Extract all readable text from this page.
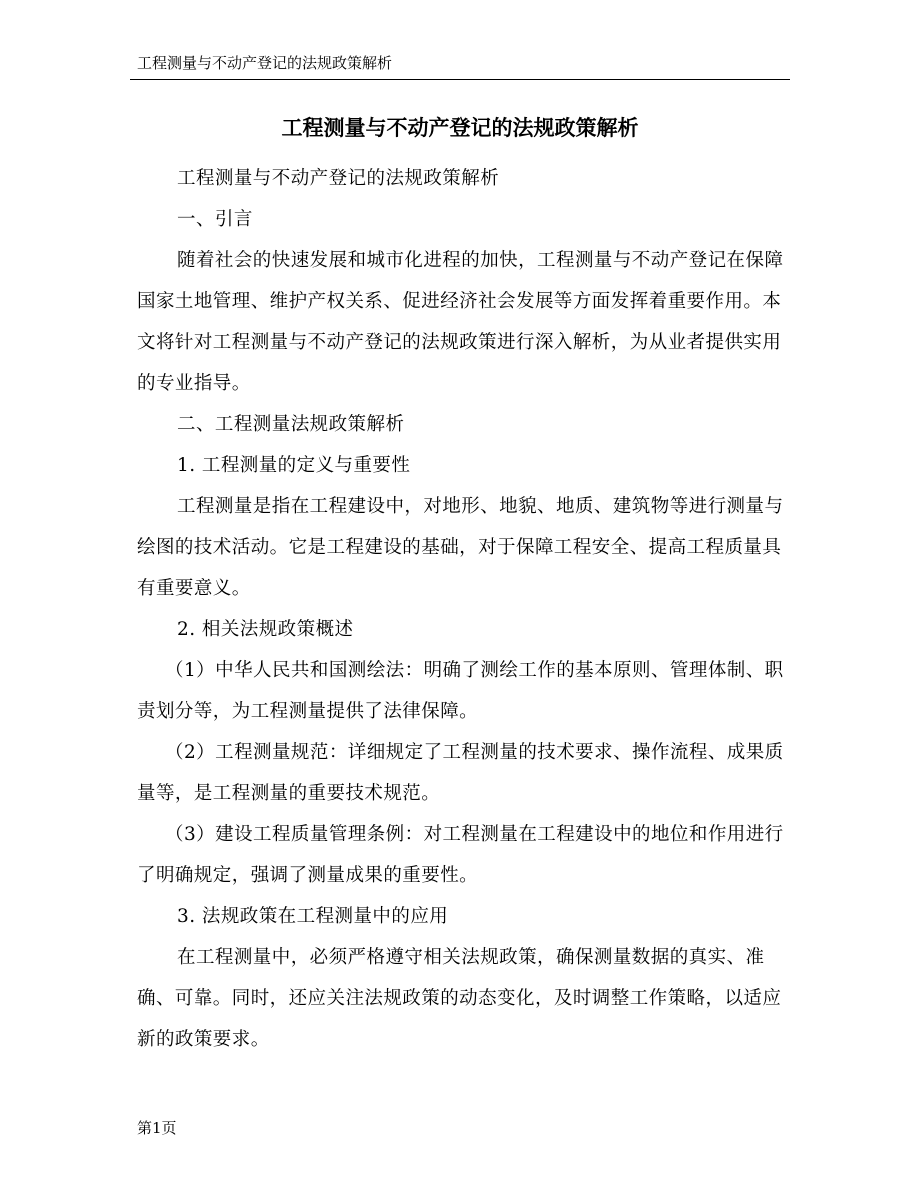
工程测量与不动产登记的法规政策解析
工程测量与不动产登记的法规政策解析

工程测量与不动产登记的法规政策解析

一、引言

随着社会的快速发展和城市化进程的加快，工程测量与不动产登记在保障国家土地管理、维护产权关系、促进经济社会发展等方面发挥着重要作用。本文将针对工程测量与不动产登记的法规政策进行深入解析，为从业者提供实用的专业指导。

二、工程测量法规政策解析

1. 工程测量的定义与重要性

工程测量是指在工程建设中，对地形、地貌、地质、建筑物等进行测量与绘图的技术活动。它是工程建设的基础，对于保障工程安全、提高工程质量具有重要意义。

2. 相关法规政策概述

（1）中华人民共和国测绘法：明确了测绘工作的基本原则、管理体制、职责划分等，为工程测量提供了法律保障。

（2）工程测量规范：详细规定了工程测量的技术要求、操作流程、成果质量等，是工程测量的重要技术规范。

（3）建设工程质量管理条例：对工程测量在工程建设中的地位和作用进行了明确规定，强调了测量成果的重要性。

3. 法规政策在工程测量中的应用

在工程测量中，必须严格遵守相关法规政策，确保测量数据的真实、准确、可靠。同时，还应关注法规政策的动态变化，及时调整工作策略，以适应新的政策要求。

第1页
